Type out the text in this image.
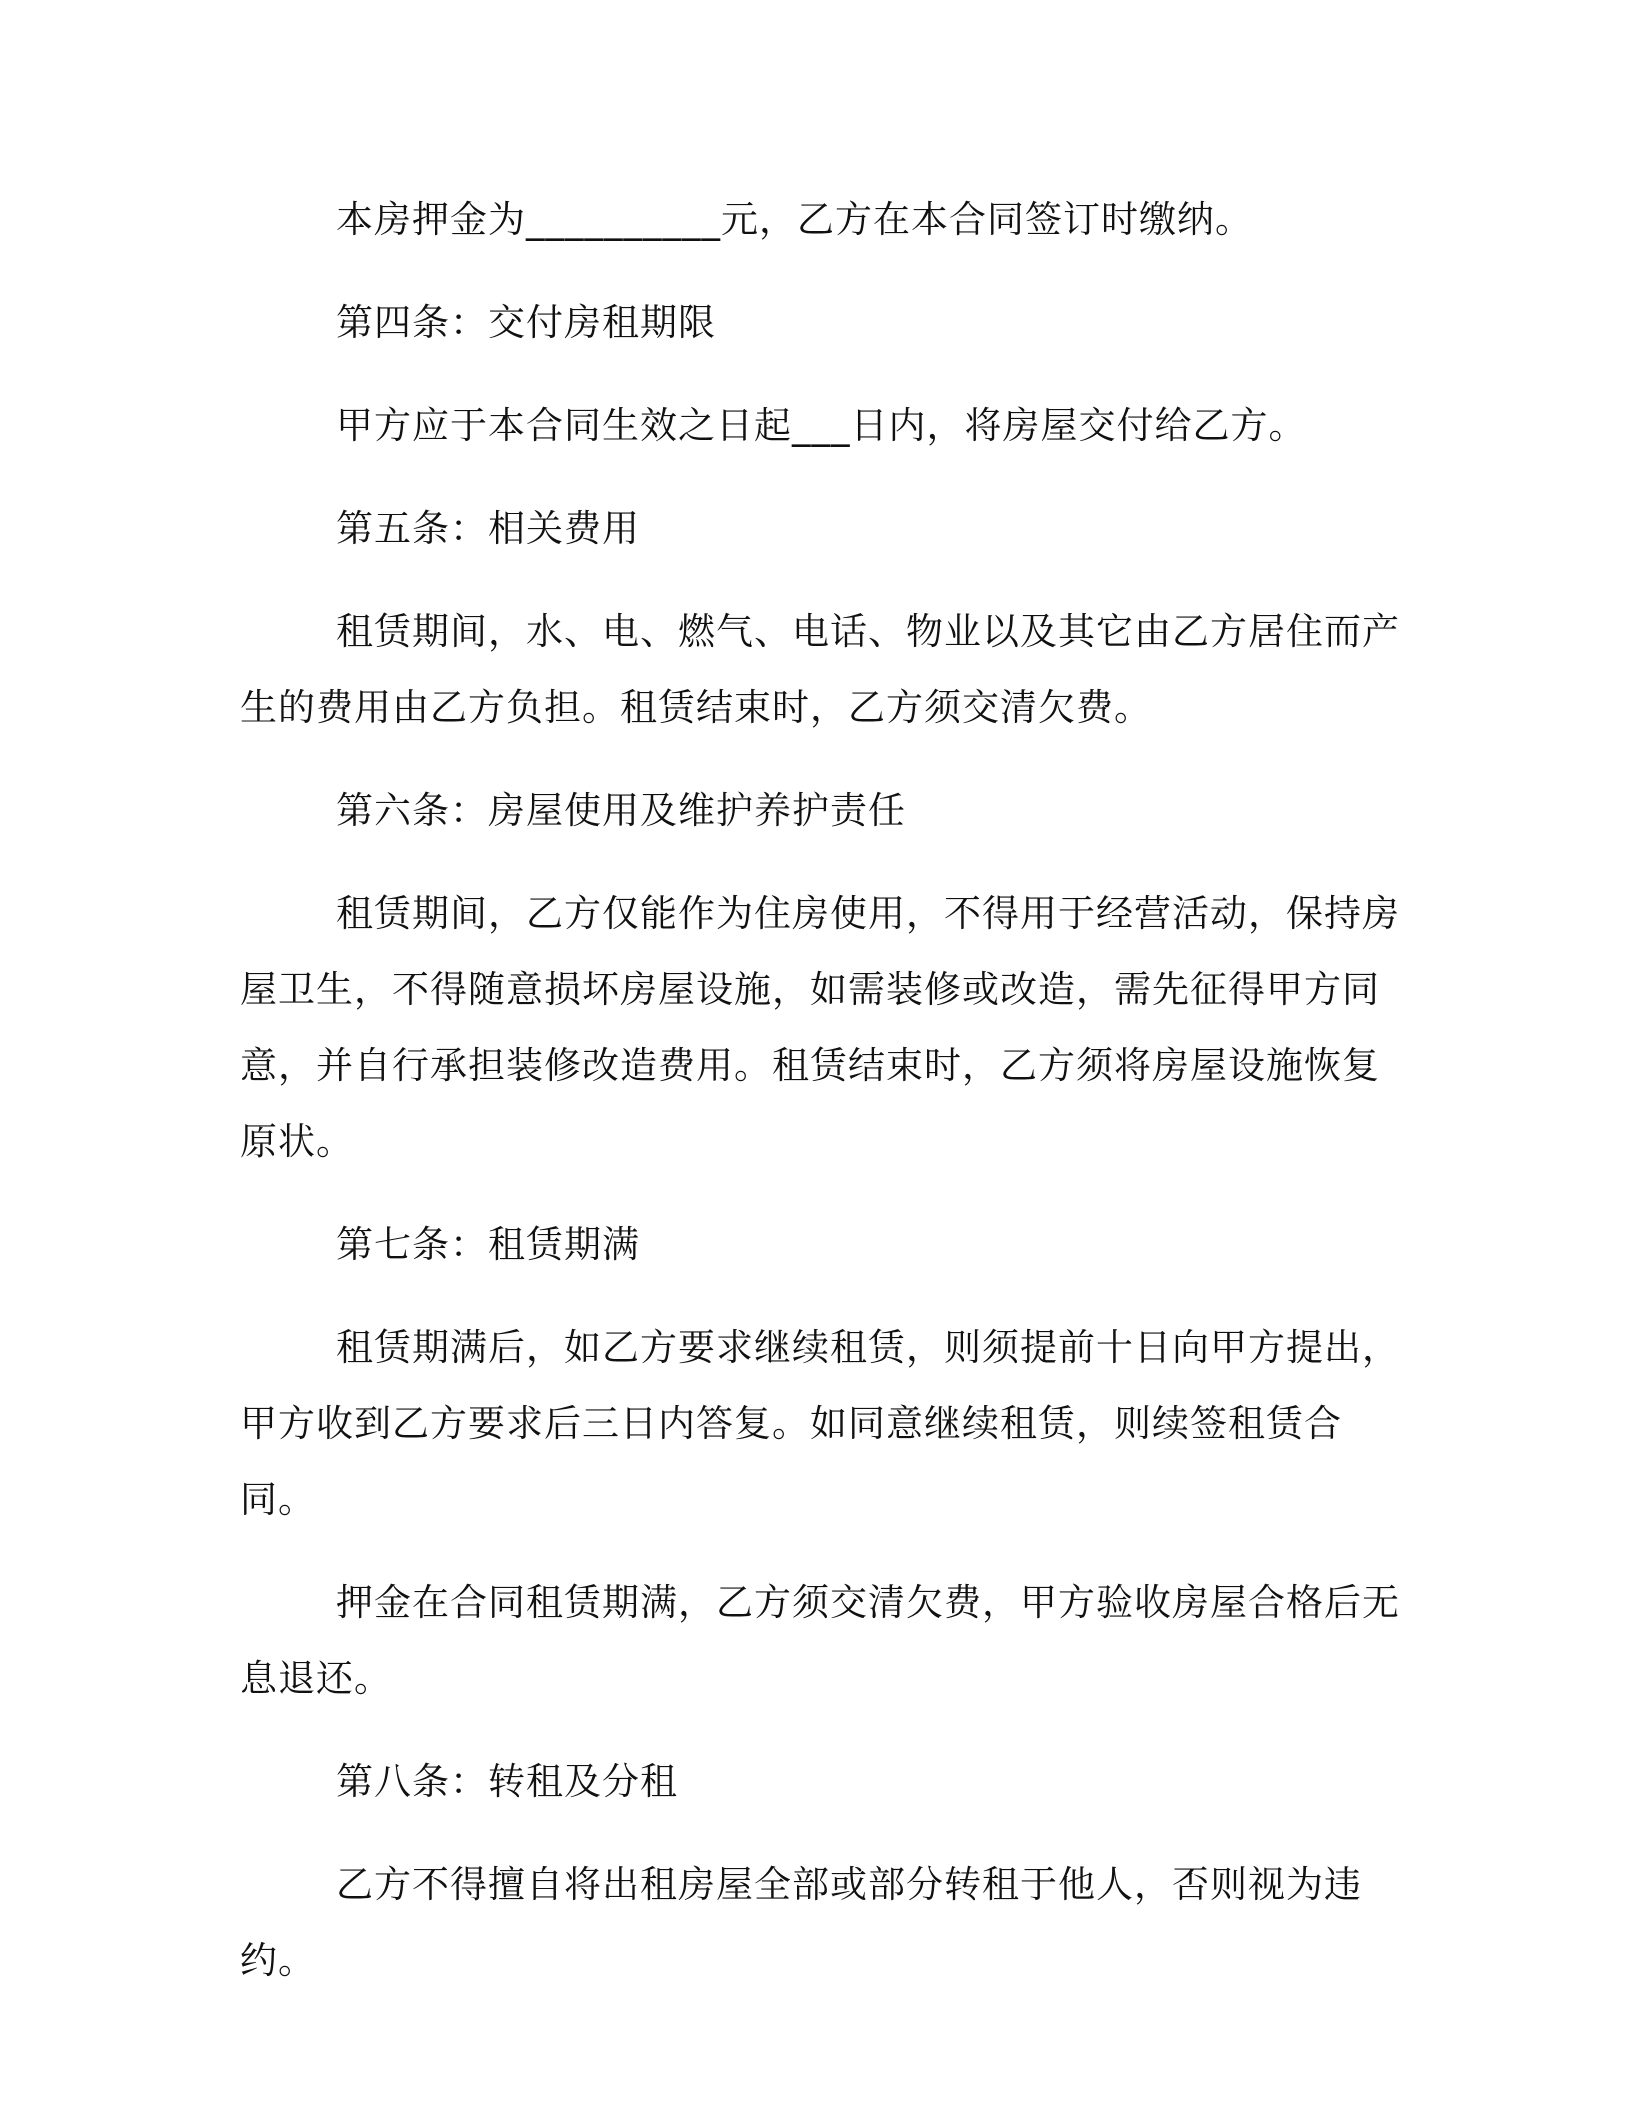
本房押金为__________元，乙方在本合同签订时缴纳。

第四条：交付房租期限

甲方应于本合同生效之日起___日内，将房屋交付给乙方。

第五条：相关费用

租赁期间，水、电、燃气、电话、物业以及其它由乙方居住而产生的费用由乙方负担。租赁结束时，乙方须交清欠费。

第六条：房屋使用及维护养护责任

租赁期间，乙方仅能作为住房使用，不得用于经营活动，保持房屋卫生，不得随意损坏房屋设施，如需装修或改造，需先征得甲方同意，并自行承担装修改造费用。租赁结束时，乙方须将房屋设施恢复原状。

第七条：租赁期满

租赁期满后，如乙方要求继续租赁，则须提前十日向甲方提出，甲方收到乙方要求后三日内答复。如同意继续租赁，则续签租赁合同。

押金在合同租赁期满，乙方须交清欠费，甲方验收房屋合格后无息退还。

第八条：转租及分租

乙方不得擅自将出租房屋全部或部分转租于他人，否则视为违约。
